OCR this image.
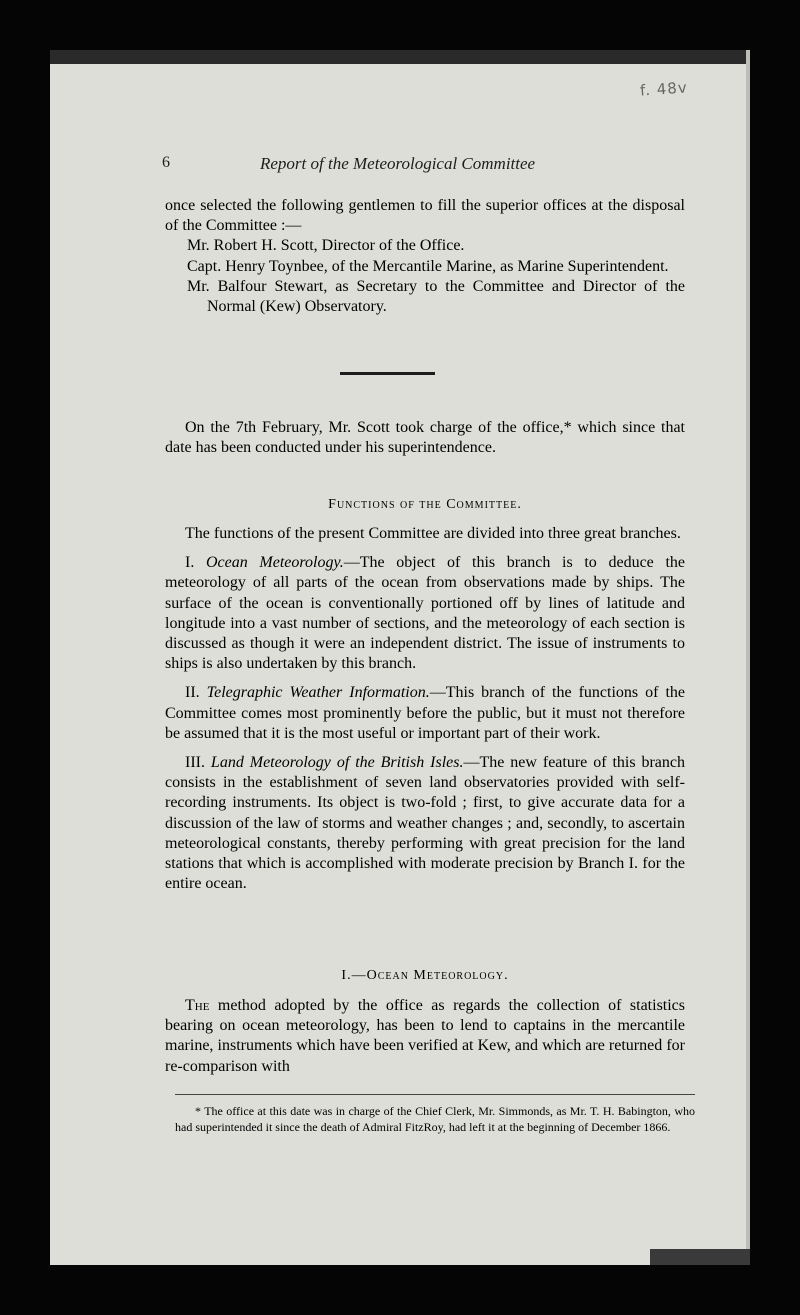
f. 48v
6	Report of the Meteorological Committee

once selected the following gentlemen to fill the superior offices at the disposal of the Committee :—

Mr. Robert H. Scott, Director of the Office.

Capt. Henry Toynbee, of the Mercantile Marine, as Marine Superintendent.

Mr. Balfour Stewart, as Secretary to the Committee and Director of the Normal (Kew) Observatory.

On the 7th February, Mr. Scott took charge of the office,* which since that date has been conducted under his superintendence.

Functions of the Committee.

The functions of the present Committee are divided into three great branches.

I. Ocean Meteorology.—The object of this branch is to deduce the meteorology of all parts of the ocean from observations made by ships. The surface of the ocean is conventionally portioned off by lines of latitude and longitude into a vast number of sections, and the meteorology of each section is discussed as though it were an independent district. The issue of instruments to ships is also undertaken by this branch.

II. Telegraphic Weather Information.—This branch of the functions of the Committee comes most prominently before the public, but it must not therefore be assumed that it is the most useful or important part of their work.

III. Land Meteorology of the British Isles.—The new feature of this branch consists in the establishment of seven land observatories provided with self-recording instruments. Its object is two-fold ; first, to give accurate data for a discussion of the law of storms and weather changes ; and, secondly, to ascertain meteorological constants, thereby performing with great precision for the land stations that which is accomplished with moderate precision by Branch I. for the entire ocean.

I.—Ocean Meteorology.

The method adopted by the office as regards the collection of statistics bearing on ocean meteorology, has been to lend to captains in the mercantile marine, instruments which have been verified at Kew, and which are returned for re-comparison with

* The office at this date was in charge of the Chief Clerk, Mr. Simmonds, as Mr. T. H. Babington, who had superintended it since the death of Admiral FitzRoy, had left it at the beginning of December 1866.
